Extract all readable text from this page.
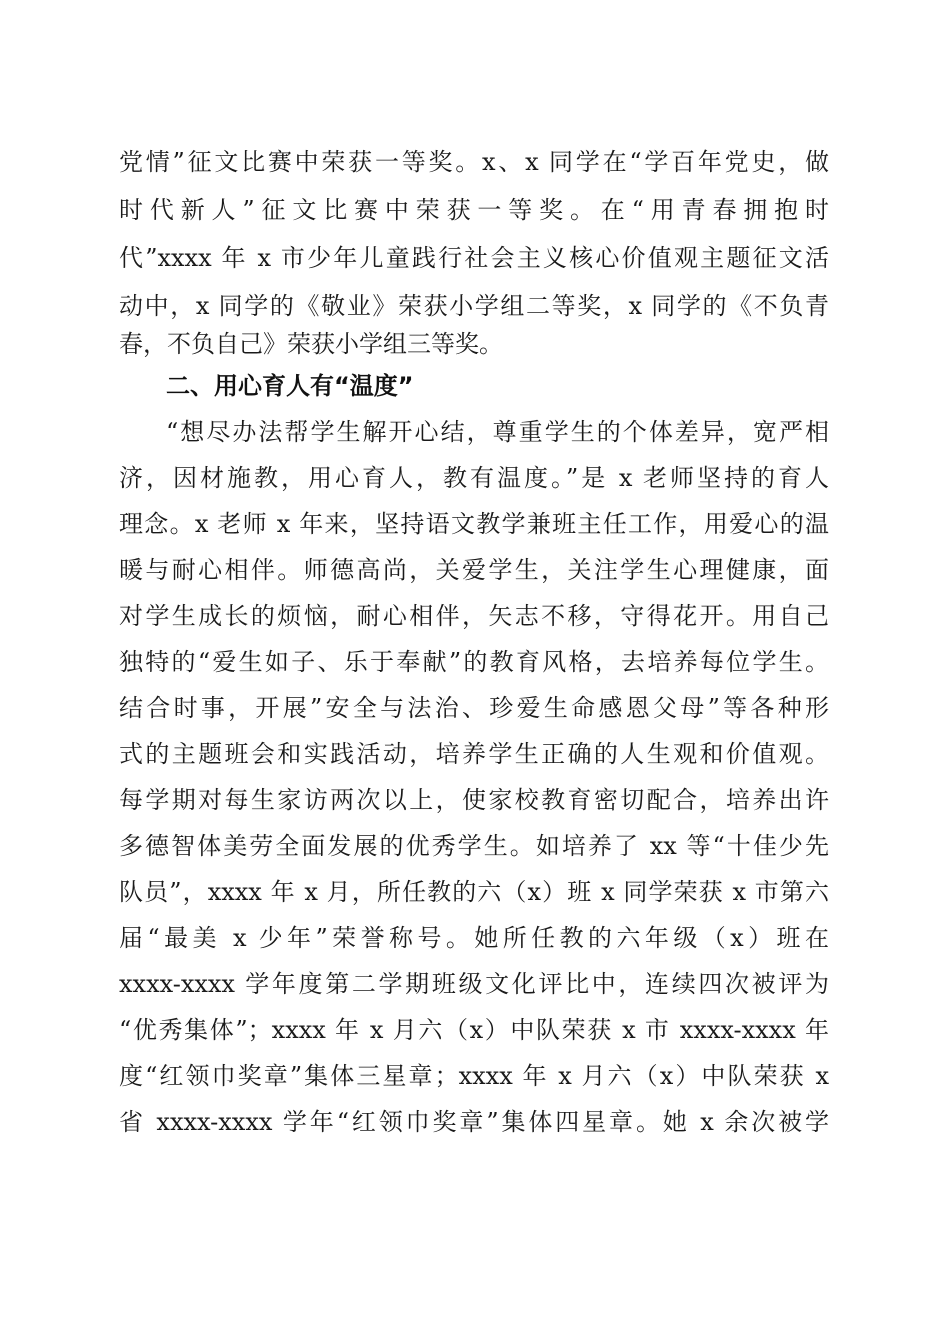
党情”征文比赛中荣获一等奖。x、x 同学在“学百年党史，做
时代新人”征文比赛中荣获一等奖。在“用青春拥抱时
代”xxxx 年 x 市少年儿童践行社会主义核心价值观主题征文活
动中，x 同学的《敬业》荣获小学组二等奖，x 同学的《不负青
春，不负自己》荣获小学组三等奖。
二、用心育人有“温度”
“想尽办法帮学生解开心结，尊重学生的个体差异，宽严相
济，因材施教，用心育人，教有温度。”是 x 老师坚持的育人
理念。x 老师 x 年来，坚持语文教学兼班主任工作，用爱心的温
暖与耐心相伴。师德高尚，关爱学生，关注学生心理健康，面
对学生成长的烦恼，耐心相伴，矢志不移，守得花开。用自己
独特的“爱生如子、乐于奉献”的教育风格，去培养每位学生。
结合时事，开展”安全与法治、珍爱生命感恩父母”等各种形
式的主题班会和实践活动，培养学生正确的人生观和价值观。
每学期对每生家访两次以上，使家校教育密切配合，培养出许
多德智体美劳全面发展的优秀学生。如培养了 xx 等“十佳少先
队员”，xxxx 年 x 月，所任教的六（x）班 x 同学荣获 x 市第六
届“最美 x 少年”荣誉称号。她所任教的六年级（x）班在
xxxx-xxxx 学年度第二学期班级文化评比中，连续四次被评为
“优秀集体”；xxxx 年 x 月六（x）中队荣获 x 市 xxxx-xxxx 年
度“红领巾奖章”集体三星章；xxxx 年 x 月六（x）中队荣获 x
省 xxxx-xxxx 学年“红领巾奖章”集体四星章。她 x 余次被学
